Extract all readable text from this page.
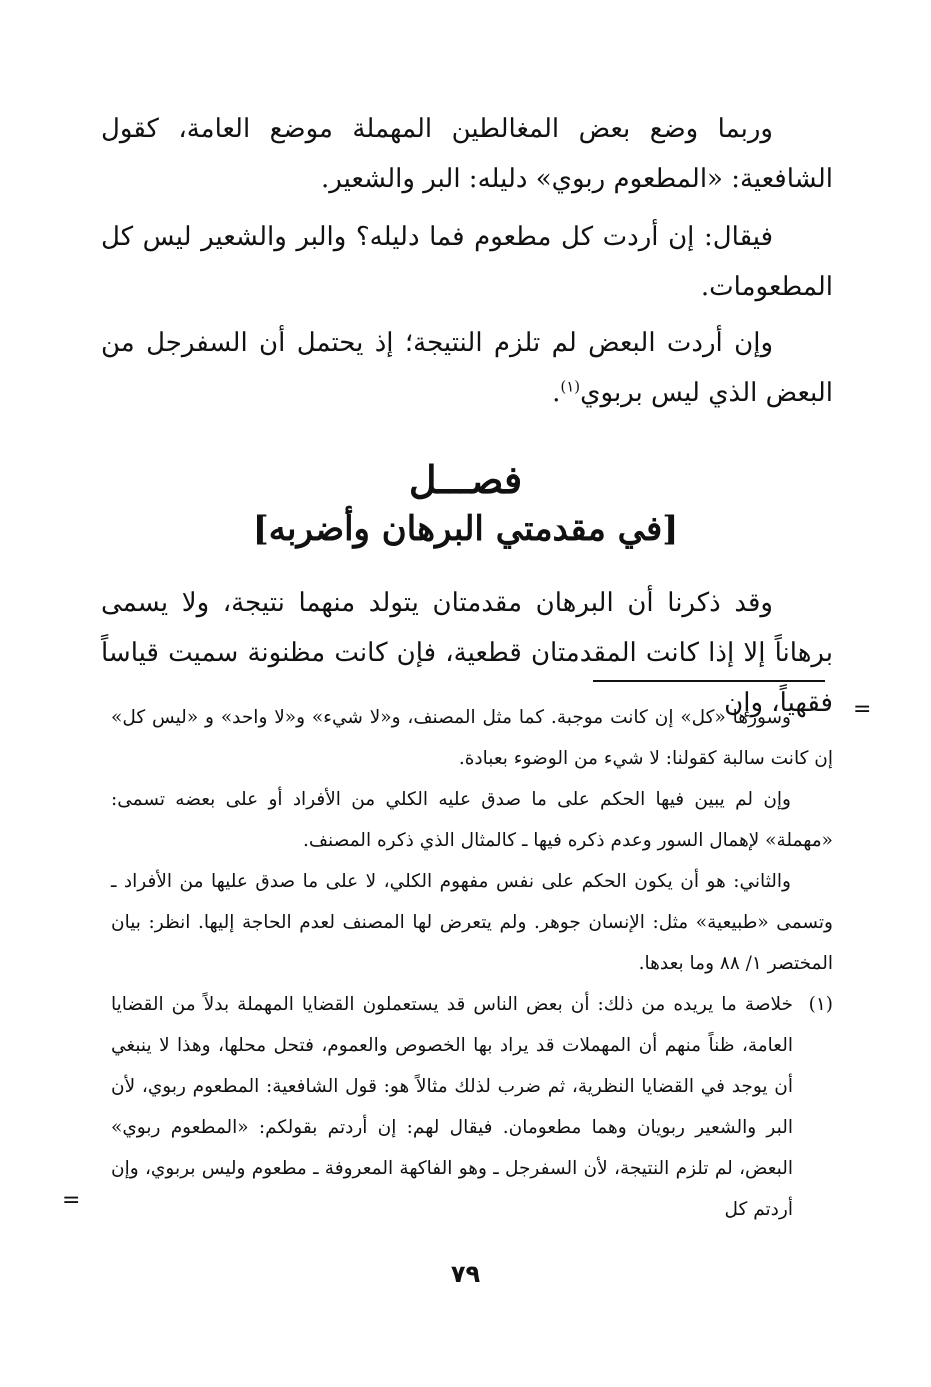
وربما وضع بعض المغالطين المهملة موضع العامة، كقول الشافعية: «المطعوم ربوي» دليله: البر والشعير.

فيقال: إن أردت كل مطعوم فما دليله؟ والبر والشعير ليس كل المطعومات.

وإن أردت البعض لم تلزم النتيجة؛ إذ يحتمل أن السفرجل من البعض الذي ليس بربوي$^{(١)}$.

فصـــل
[في مقدمتي البرهان وأضربه]

وقد ذكرنا أن البرهان مقدمتان يتولد منهما نتيجة، ولا يسمى برهاناً إلا إذا كانت المقدمتان قطعية، فإن كانت مظنونة سميت قياساً فقهياً، وإن =

وسورها «كل» إن كانت موجبة. كما مثل المصنف، و«لا شيء» و«لا واحد» و «ليس كل» إن كانت سالبة كقولنا: لا شيء من الوضوء بعبادة.

وإن لم يبين فيها الحكم على ما صدق عليه الكلي من الأفراد أو على بعضه تسمى: «مهملة» لإهمال السور وعدم ذكره فيها ـ كالمثال الذي ذكره المصنف.

والثاني: هو أن يكون الحكم على نفس مفهوم الكلي، لا على ما صدق عليها من الأفراد ـ وتسمى «طبيعية» مثل: الإنسان جوهر. ولم يتعرض لها المصنف لعدم الحاجة إليها. انظر: بيان المختصر ١/ ٨٨ وما بعدها.

(١)
خلاصة ما يريده من ذلك: أن بعض الناس قد يستعملون القضايا المهملة بدلاً من القضايا العامة، ظناً منهم أن المهملات قد يراد بها الخصوص والعموم، فتحل محلها، وهذا لا ينبغي أن يوجد في القضايا النظرية، ثم ضرب لذلك مثالاً هو: قول الشافعية: المطعوم ربوي، لأن البر والشعير ربويان وهما مطعومان. فيقال لهم: إن أردتم بقولكم: «المطعوم ربوي» البعض، لم تلزم النتيجة، لأن السفرجل ـ وهو الفاكهة المعروفة ـ مطعوم وليس بربوي، وإن أردتم كل

=
٧٩
